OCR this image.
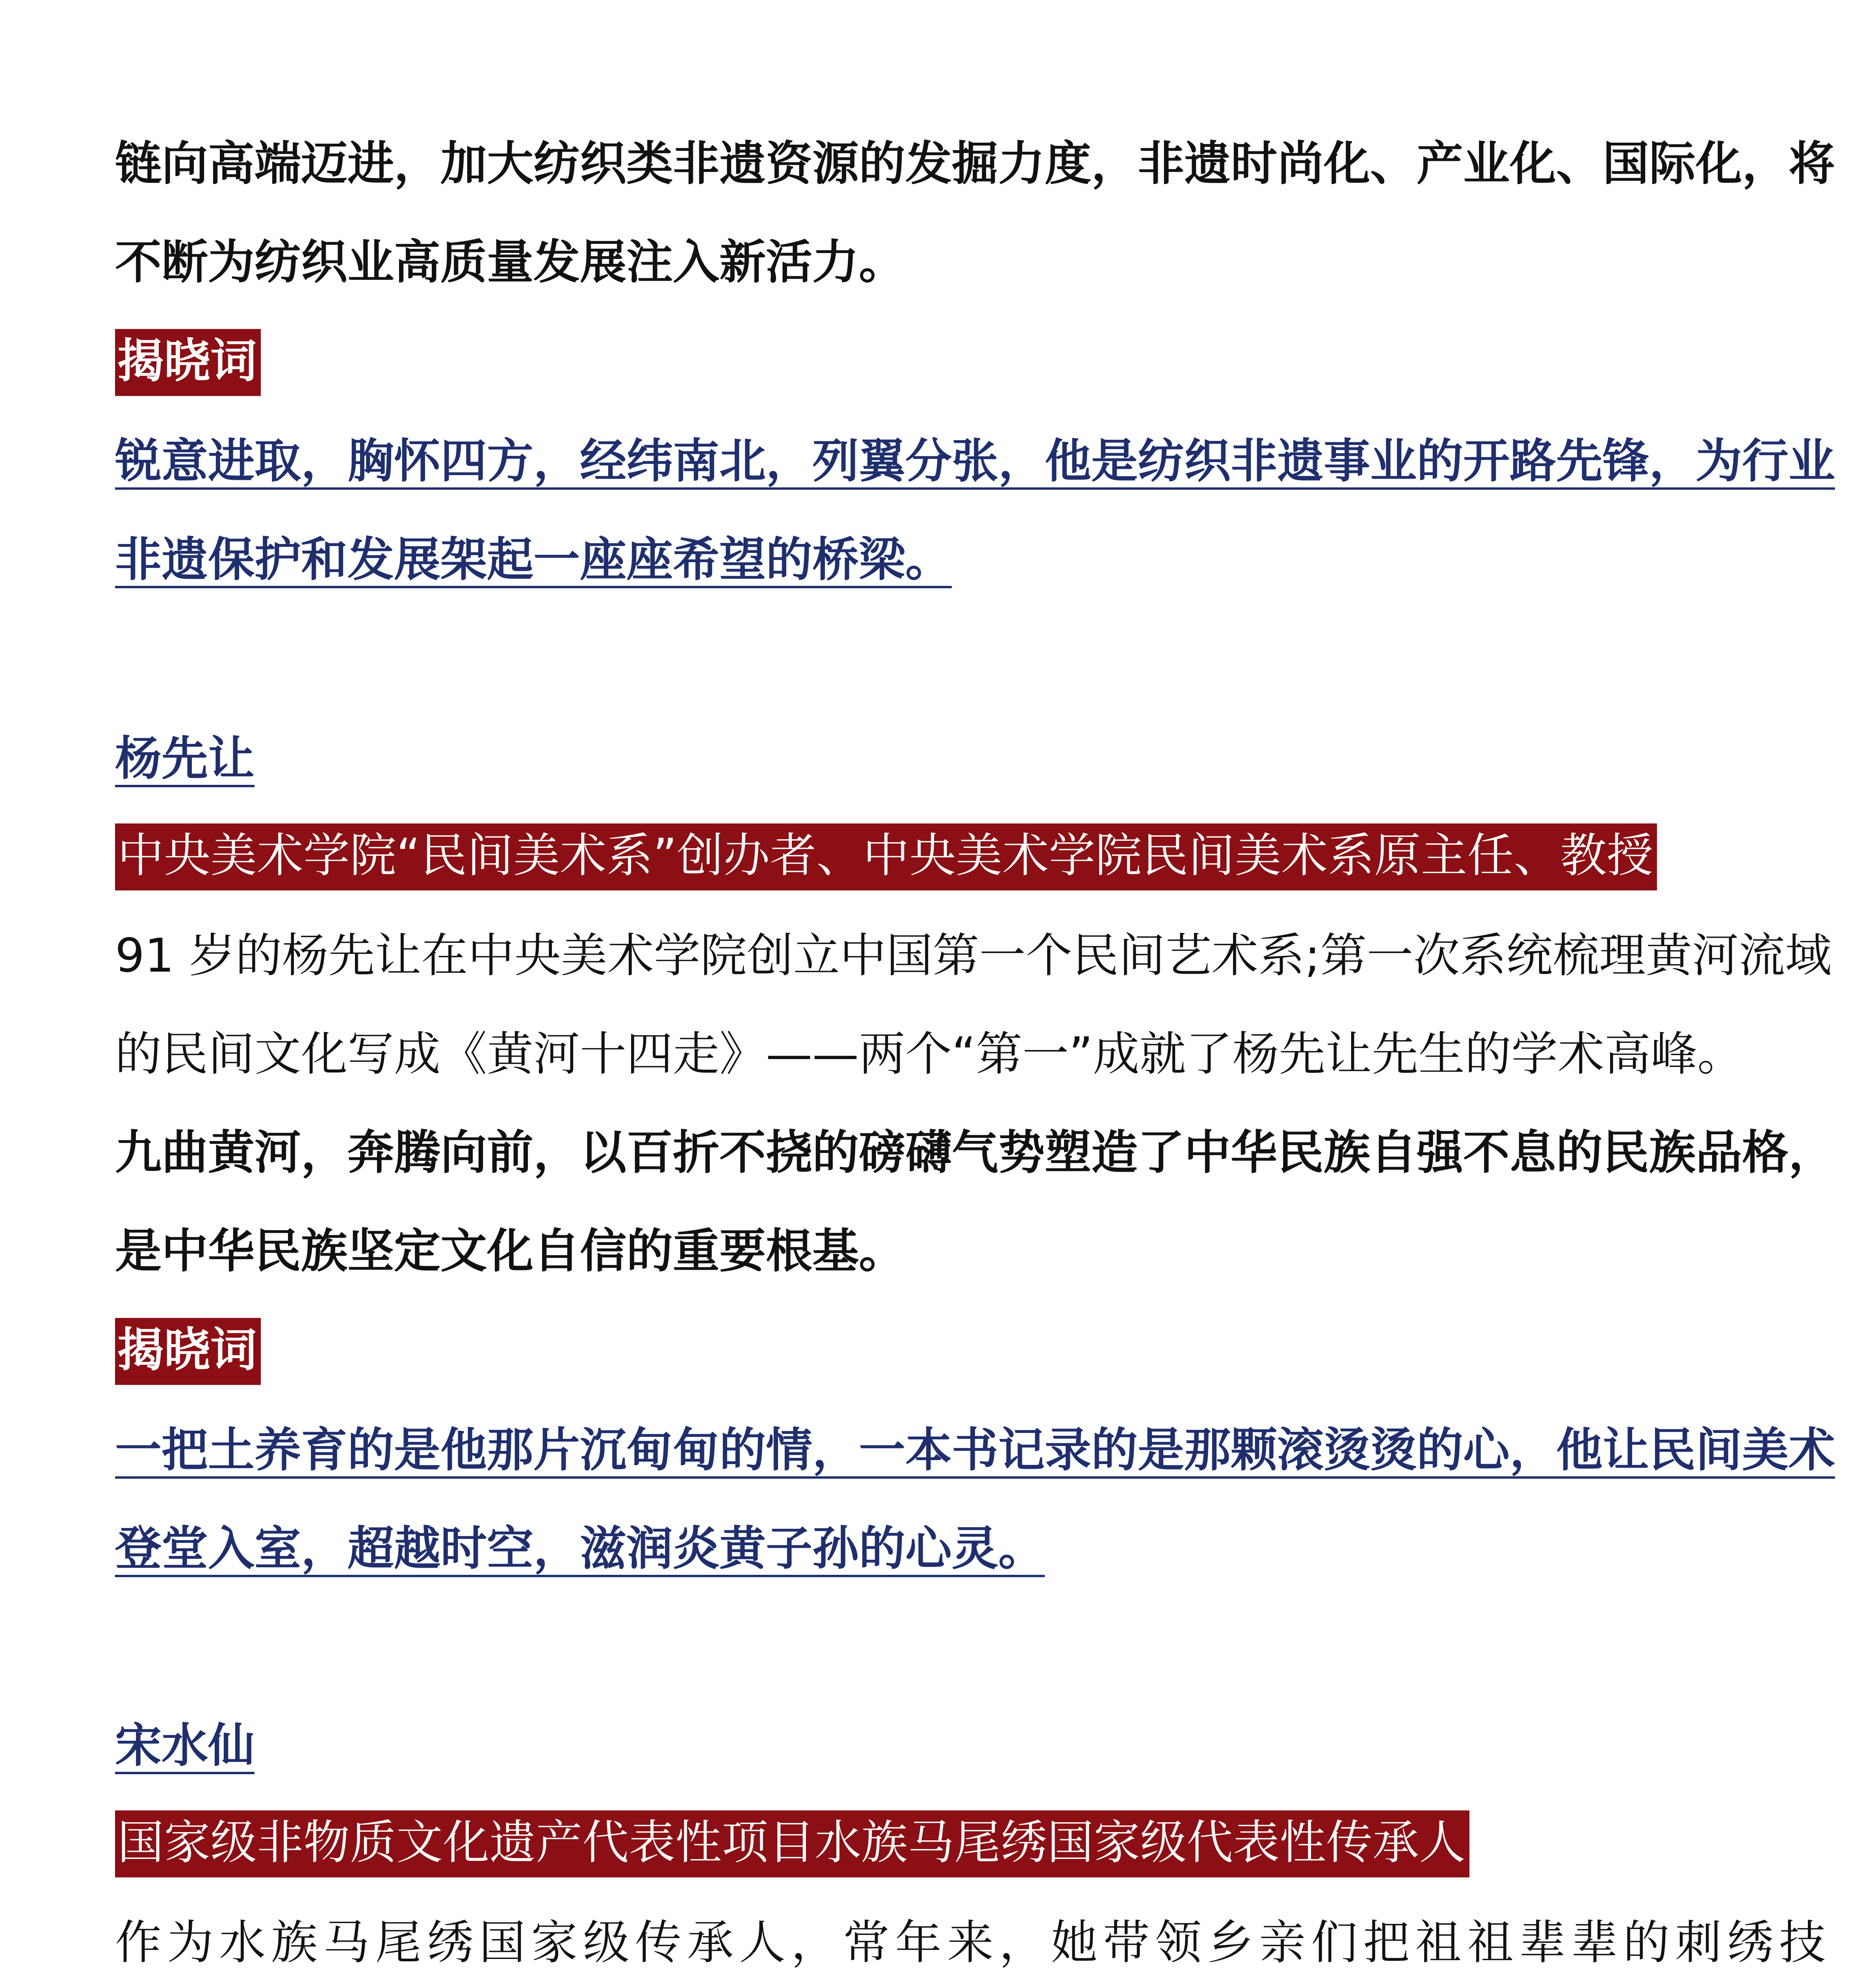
链向高端迈进，加大纺织类非遗资源的发掘力度，非遗时尚化、产业化、国际化，将
不断为纺织业高质量发展注入新活力。
揭晓词
锐意进取，胸怀四方，经纬南北，列翼分张，他是纺织非遗事业的开路先锋，为行业
非遗保护和发展架起一座座希望的桥梁。
杨先让
中央美术学院“民间美术系”创办者、中央美术学院民间美术系原主任、教授
91 岁的杨先让在中央美术学院创立中国第一个民间艺术系;第一次系统梳理黄河流域
的民间文化写成《黄河十四走》——两个“第一”成就了杨先让先生的学术高峰。
九曲黄河，奔腾向前，以百折不挠的磅礴气势塑造了中华民族自强不息的民族品格，
是中华民族坚定文化自信的重要根基。
揭晓词
一把土养育的是他那片沉甸甸的情，一本书记录的是那颗滚烫烫的心，他让民间美术
登堂入室，超越时空，滋润炎黄子孙的心灵。
宋水仙
国家级非物质文化遗产代表性项目水族马尾绣国家级代表性传承人
作为水族马尾绣国家级传承人，常年来，她带领乡亲们把祖祖辈辈的刺绣技
